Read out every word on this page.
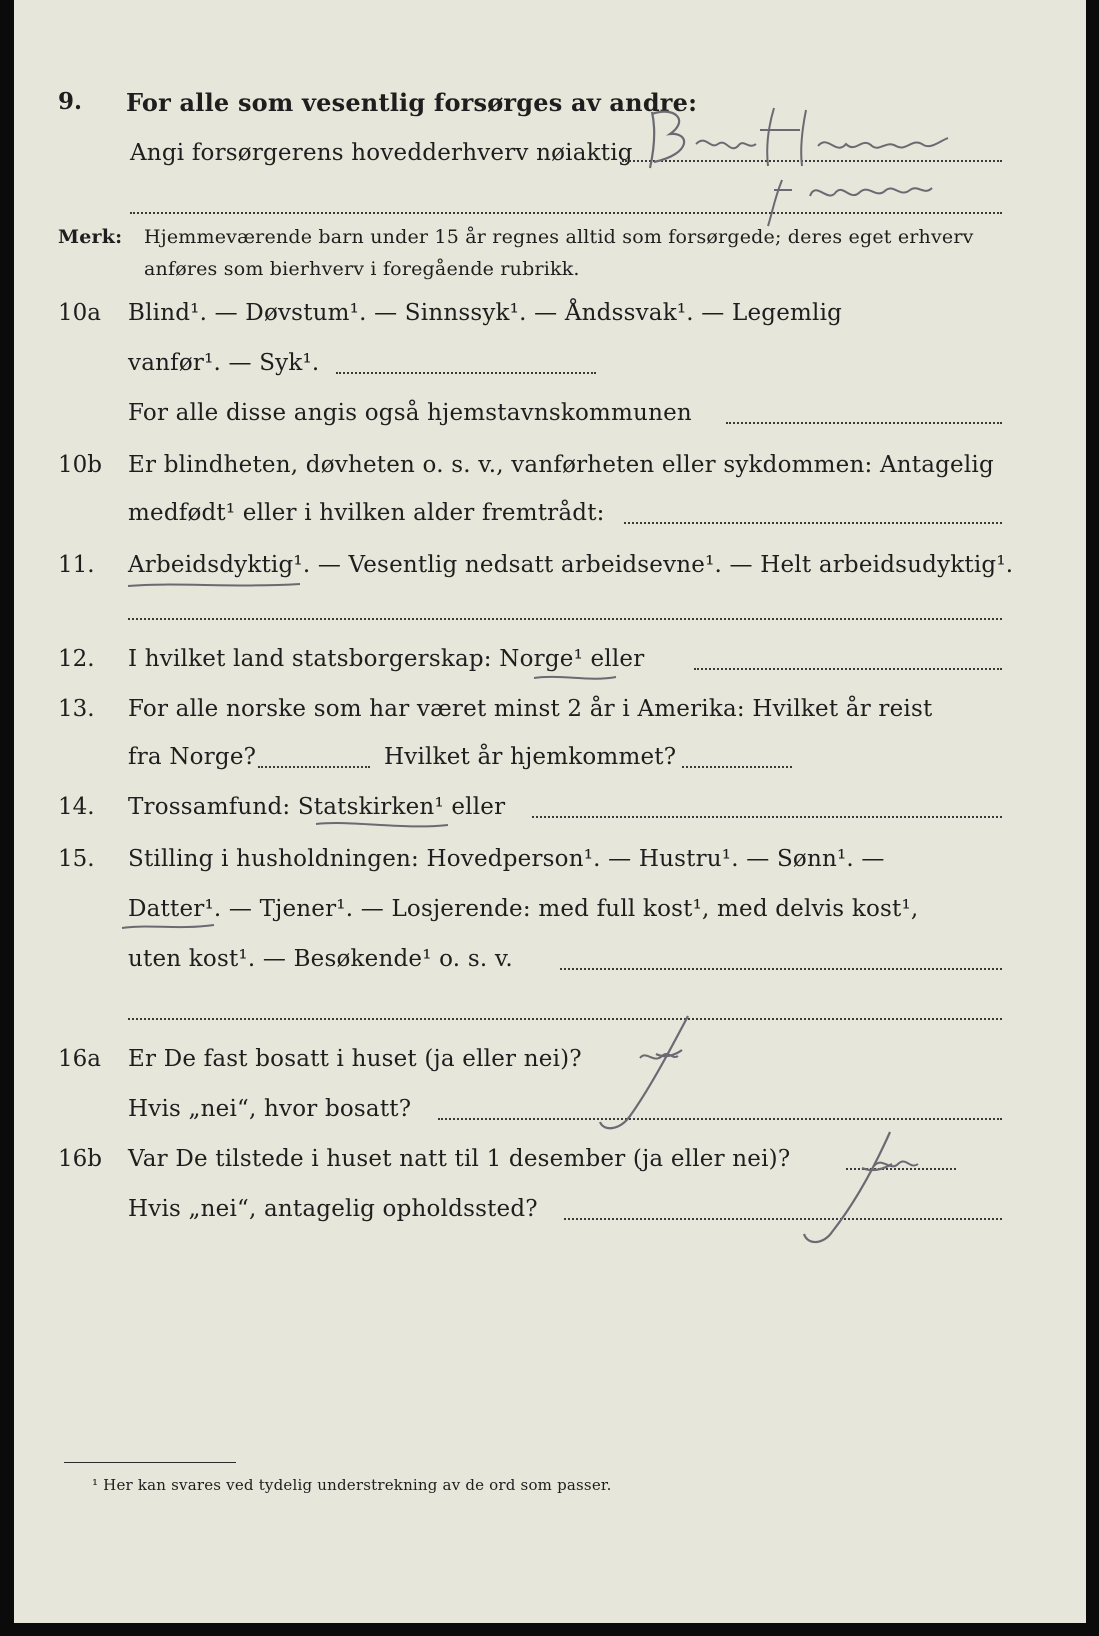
9. For alle som vesentlig forsørges av andre:
Angi forsørgerens hovedderhverv nøiaktig
Merk: Hjemmeværende barn under 15 år regnes alltid som forsørgede; deres eget erhverv
anføres som bierhverv i foregående rubrikk.
10a Blind¹. — Døvstum¹. — Sinnssyk¹. — Åndssvak¹. — Legemlig
vanfør¹. — Syk¹.
For alle disse angis også hjemstavnskommunen
10b Er blindheten, døvheten o. s. v., vanførheten eller sykdommen: Antagelig
medfødt¹ eller i hvilken alder fremtrådt:
11. Arbeidsdyktig¹. — Vesentlig nedsatt arbeidsevne¹. — Helt arbeidsudyktig¹.
12. I hvilket land statsborgerskap: Norge¹ eller
13. For alle norske som har været minst 2 år i Amerika: Hvilket år reist
fra Norge?	Hvilket år hjemkommet?
14. Trossamfund: Statskirken¹ eller
15. Stilling i husholdningen: Hovedperson¹. — Hustru¹. — Sønn¹. —
Datter¹. — Tjener¹. — Losjerende: med full kost¹, med delvis kost¹,
uten kost¹. — Besøkende¹ o. s. v.
16a Er De fast bosatt i huset (ja eller nei)?
Hvis „nei“, hvor bosatt?
16b Var De tilstede i huset natt til 1 desember (ja eller nei)?
Hvis „nei“, antagelig opholdssted?
¹ Her kan svares ved tydelig understrekning av de ord som passer.
